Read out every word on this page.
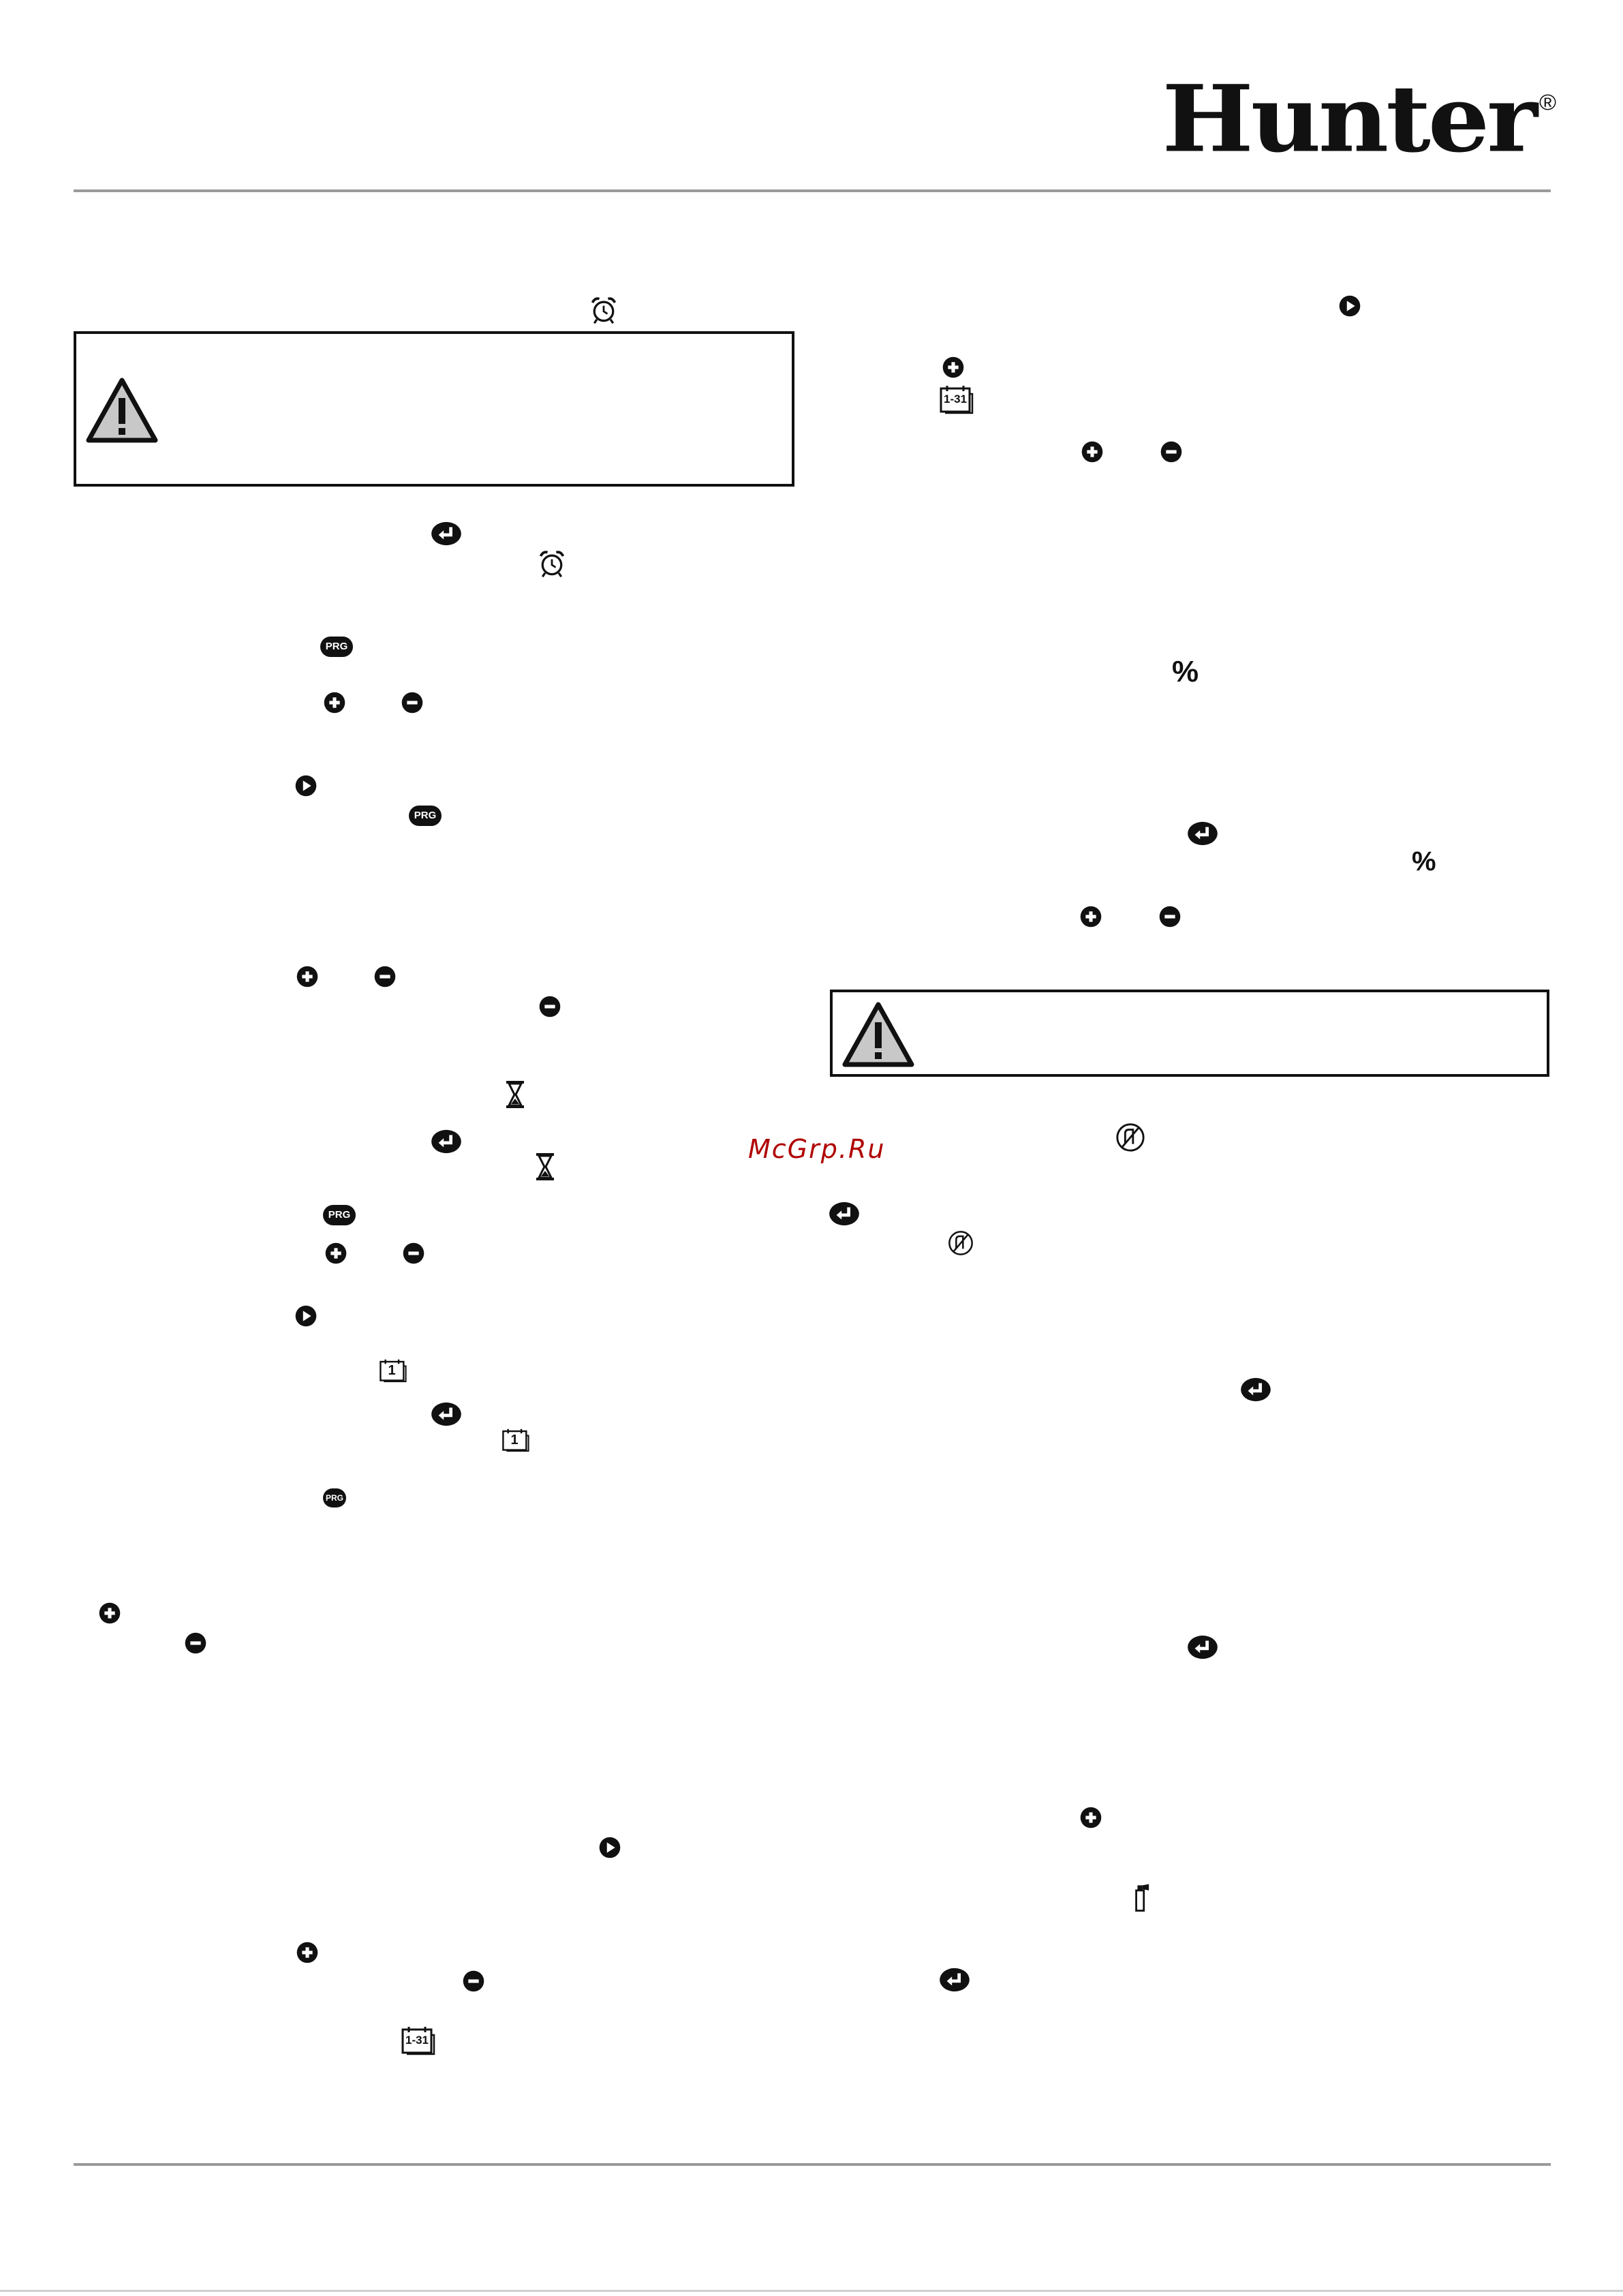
Hunter ®
McGrp.Ru
PRG
PRG
PRG
1
1
PRG
1-31
1-31
%
%
